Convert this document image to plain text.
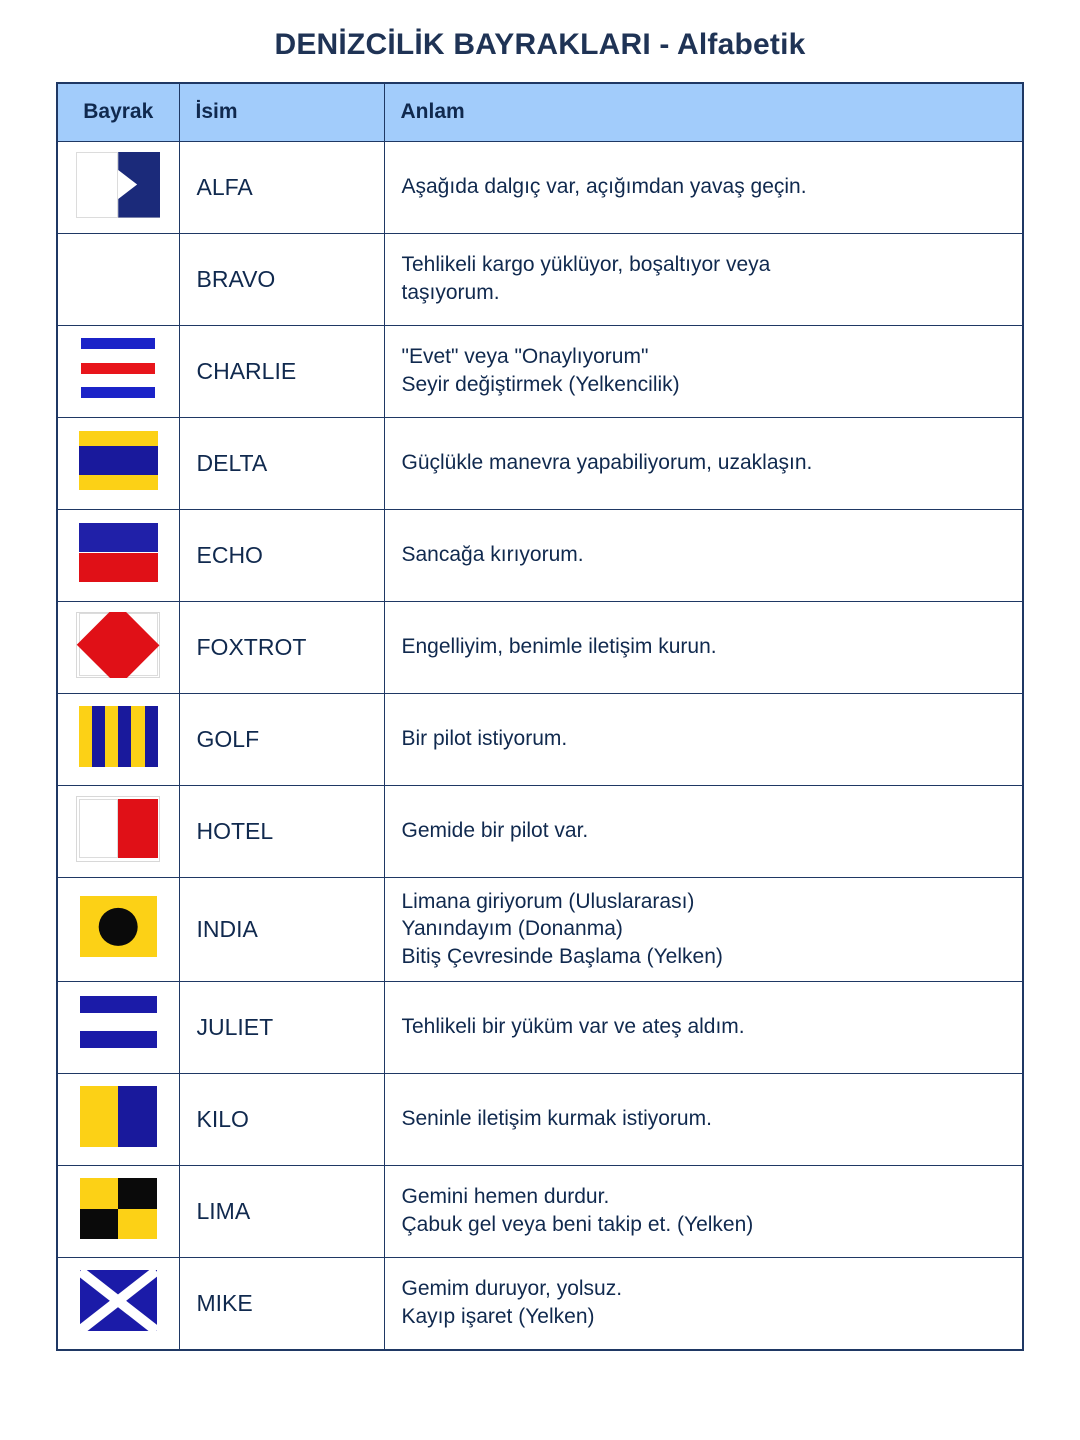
DENİZCİLİK BAYRAKLARI - Alfabetik
Bayrak	İsim	Anlam

	ALFA	Aşağıda dalgıç var, açığımdan yavaş geçin.

	BRAVO	Tehlikeli kargo yüklüyor, boşaltıyor veya
taşıyorum.

	CHARLIE	"Evet" veya "Onaylıyorum"
Seyir değiştirmek (Yelkencilik)

	DELTA	Güçlükle manevra yapabiliyorum, uzaklaşın.

	ECHO	Sancağa kırıyorum.

	FOXTROT	Engelliyim, benimle iletişim kurun.

	GOLF	Bir pilot istiyorum.

	HOTEL	Gemide bir pilot var.

	INDIA	Limana giriyorum (Uluslararası)
Yanındayım (Donanma)
Bitiş Çevresinde Başlama (Yelken)

	JULIET	Tehlikeli bir yüküm var ve ateş aldım.

	KILO	Seninle iletişim kurmak istiyorum.

	LIMA	Gemini hemen durdur.
Çabuk gel veya beni takip et. (Yelken)

	MIKE	Gemim duruyor, yolsuz.
Kayıp işaret (Yelken)
